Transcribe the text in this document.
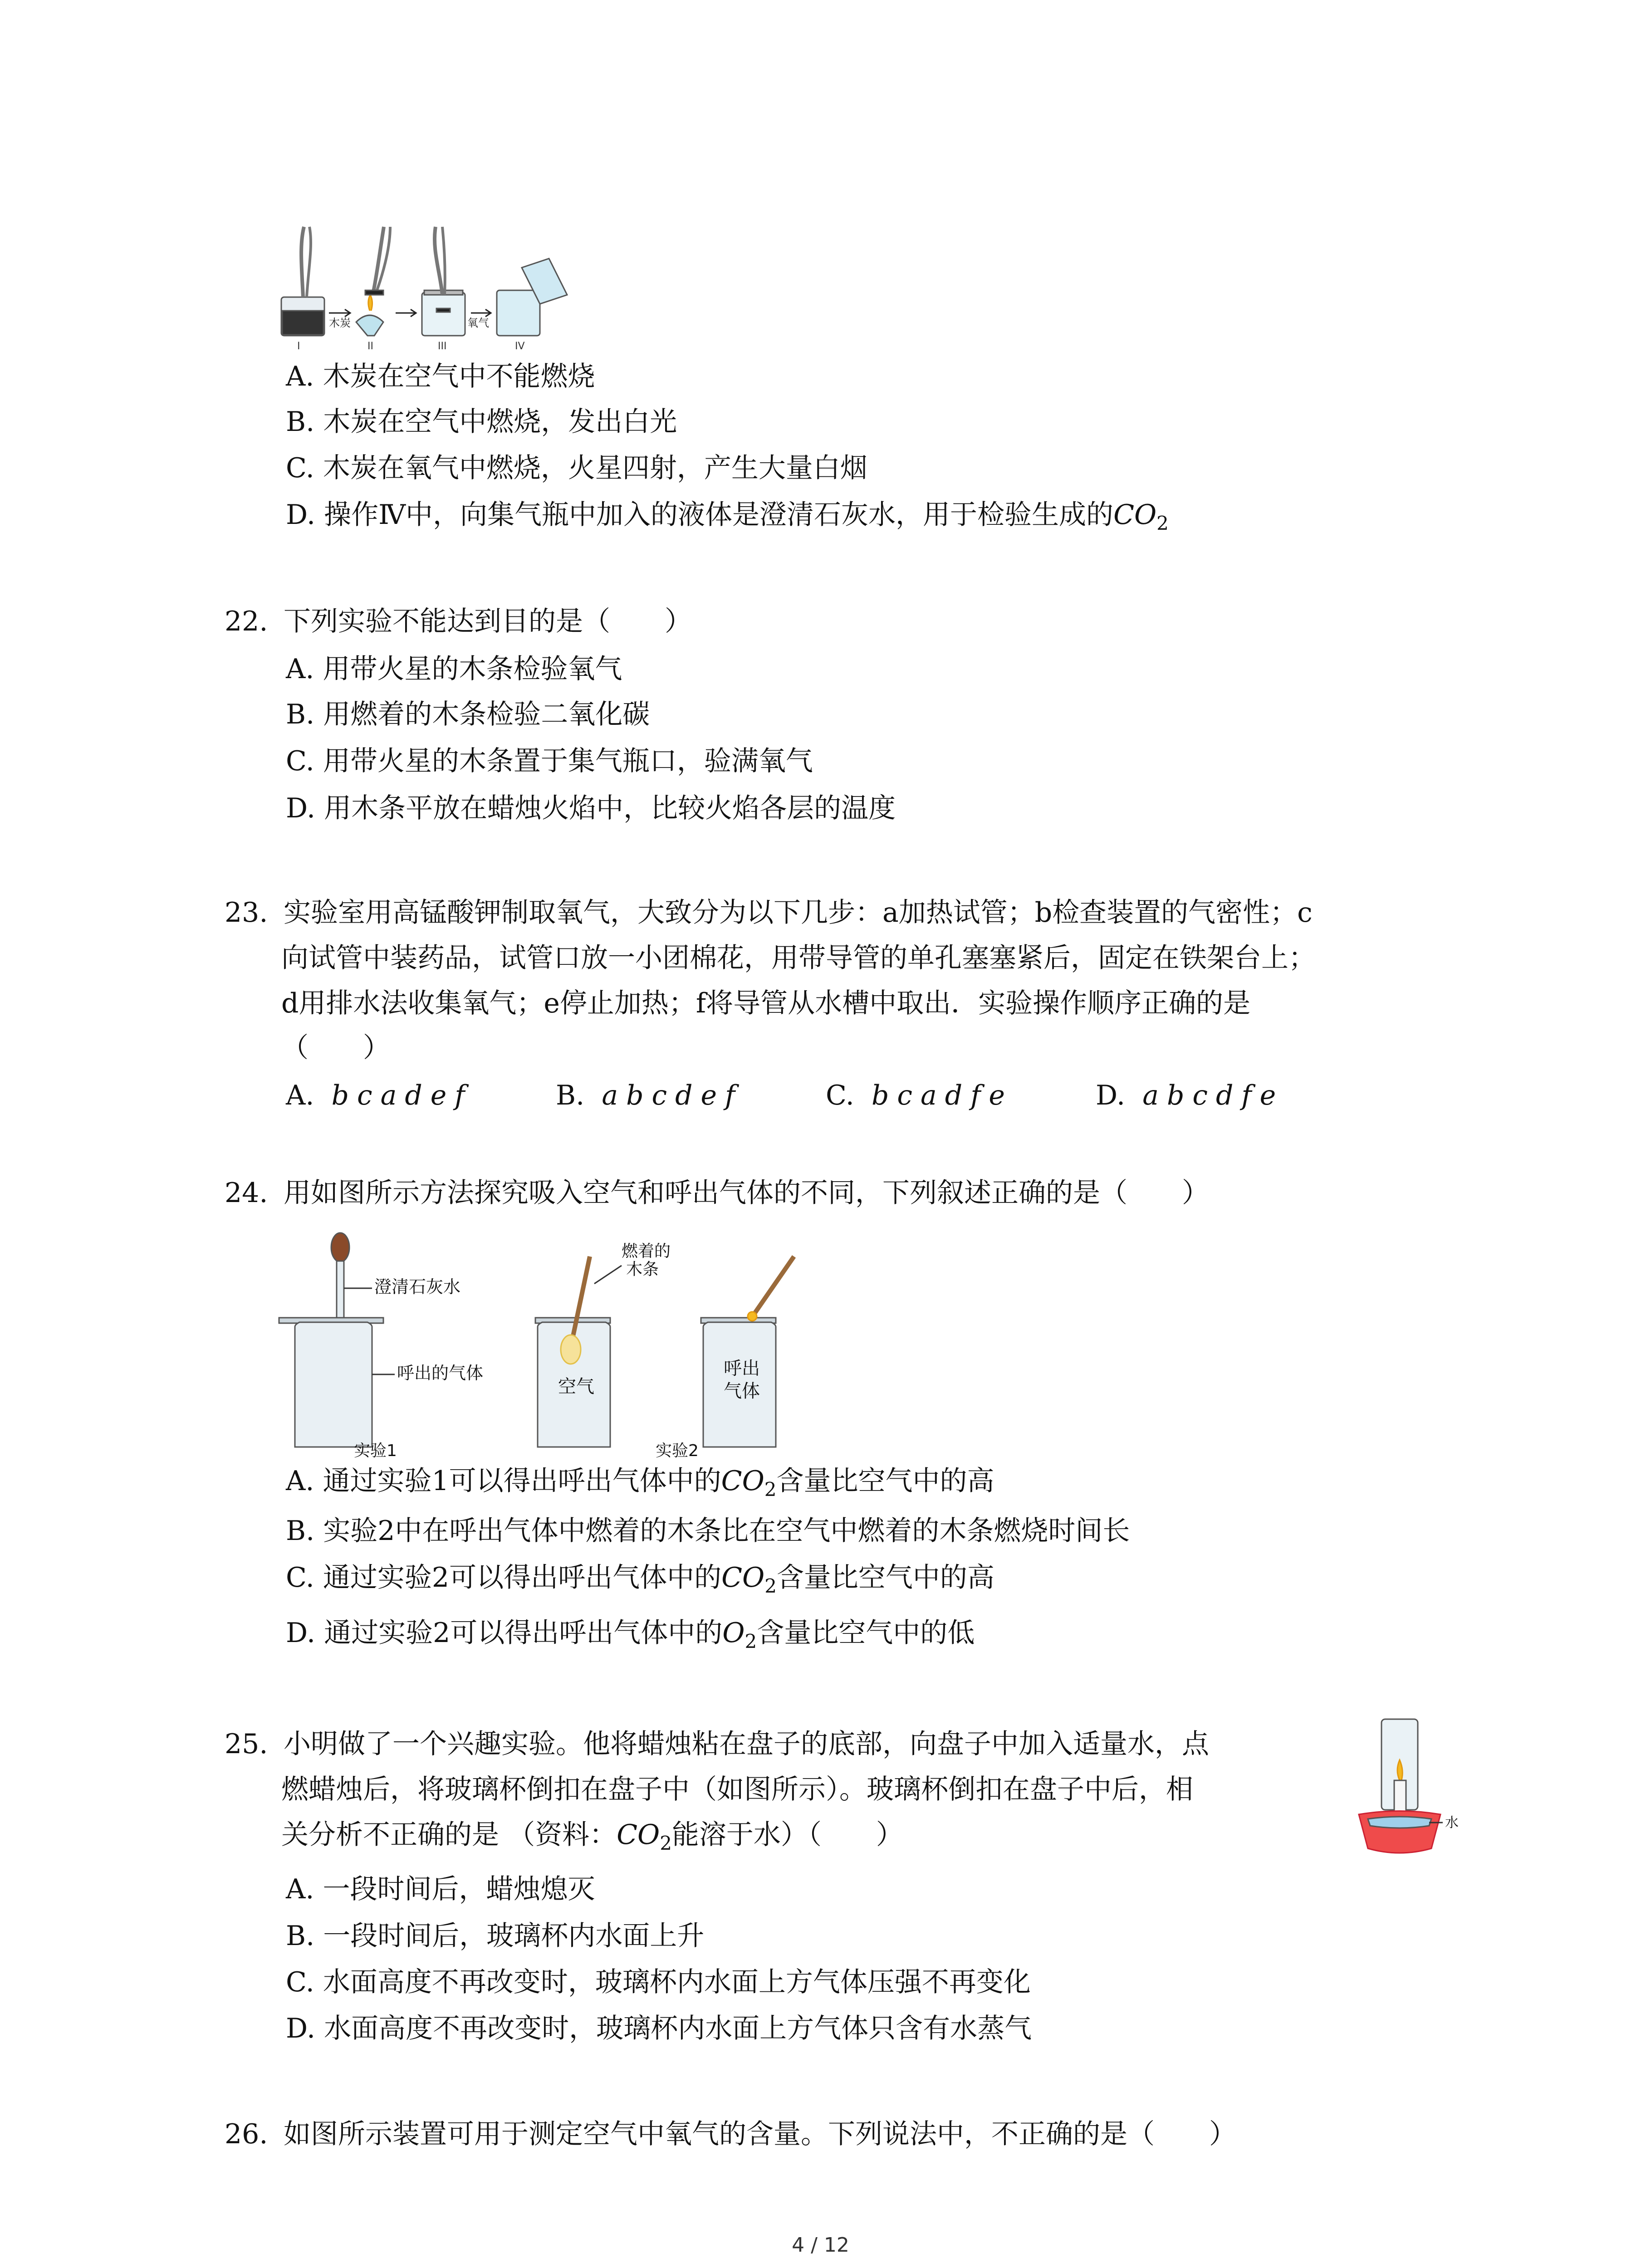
I	II	III	IV
木炭	氧气
A. 木炭在空气中不能燃烧
B. 木炭在空气中燃烧，发出白光
C. 木炭在氧气中燃烧，火星四射，产生大量白烟
D. 操作Ⅳ中，向集气瓶中加入的液体是澄清石灰水，用于检验生成的$CO_2$
22. 下列实验不能达到目的是（　　）
A. 用带火星的木条检验氧气
B. 用燃着的木条检验二氧化碳
C. 用带火星的木条置于集气瓶口，验满氧气
D. 用木条平放在蜡烛火焰中，比较火焰各层的温度
23. 实验室用高锰酸钾制取氧气，大致分为以下几步：a加热试管；b检查装置的气密性；c
向试管中装药品，试管口放一小团棉花，用带导管的单孔塞塞紧后，固定在铁架台上；
d用排水法收集氧气；e停止加热；f将导管从水槽中取出．实验操作顺序正确的是
（　　）
A. bcadef	B. abcdef	C. bcadfe	D. abcdfe
24. 用如图所示方法探究吸入空气和呼出气体的不同，下列叙述正确的是（　　）
澄清石灰水
呼出的气体
燃着的
木条
空气
呼出
气体
实验1	实验2
A. 通过实验1可以得出呼出气体中的$CO_2$含量比空气中的高
B. 实验2中在呼出气体中燃着的木条比在空气中燃着的木条燃烧时间长
C. 通过实验2可以得出呼出气体中的$CO_2$含量比空气中的高
D. 通过实验2可以得出呼出气体中的$O_2$含量比空气中的低
25. 小明做了一个兴趣实验。他将蜡烛粘在盘子的底部，向盘子中加入适量水，点
燃蜡烛后，将玻璃杯倒扣在盘子中（如图所示）。玻璃杯倒扣在盘子中后，相
关分析不正确的是 （资料：$CO_2$能溶于水）（　　）	水
A. 一段时间后，蜡烛熄灭
B. 一段时间后，玻璃杯内水面上升
C. 水面高度不再改变时，玻璃杯内水面上方气体压强不再变化
D. 水面高度不再改变时，玻璃杯内水面上方气体只含有水蒸气
26. 如图所示装置可用于测定空气中氧气的含量。下列说法中，不正确的是（　　）
4 / 12
